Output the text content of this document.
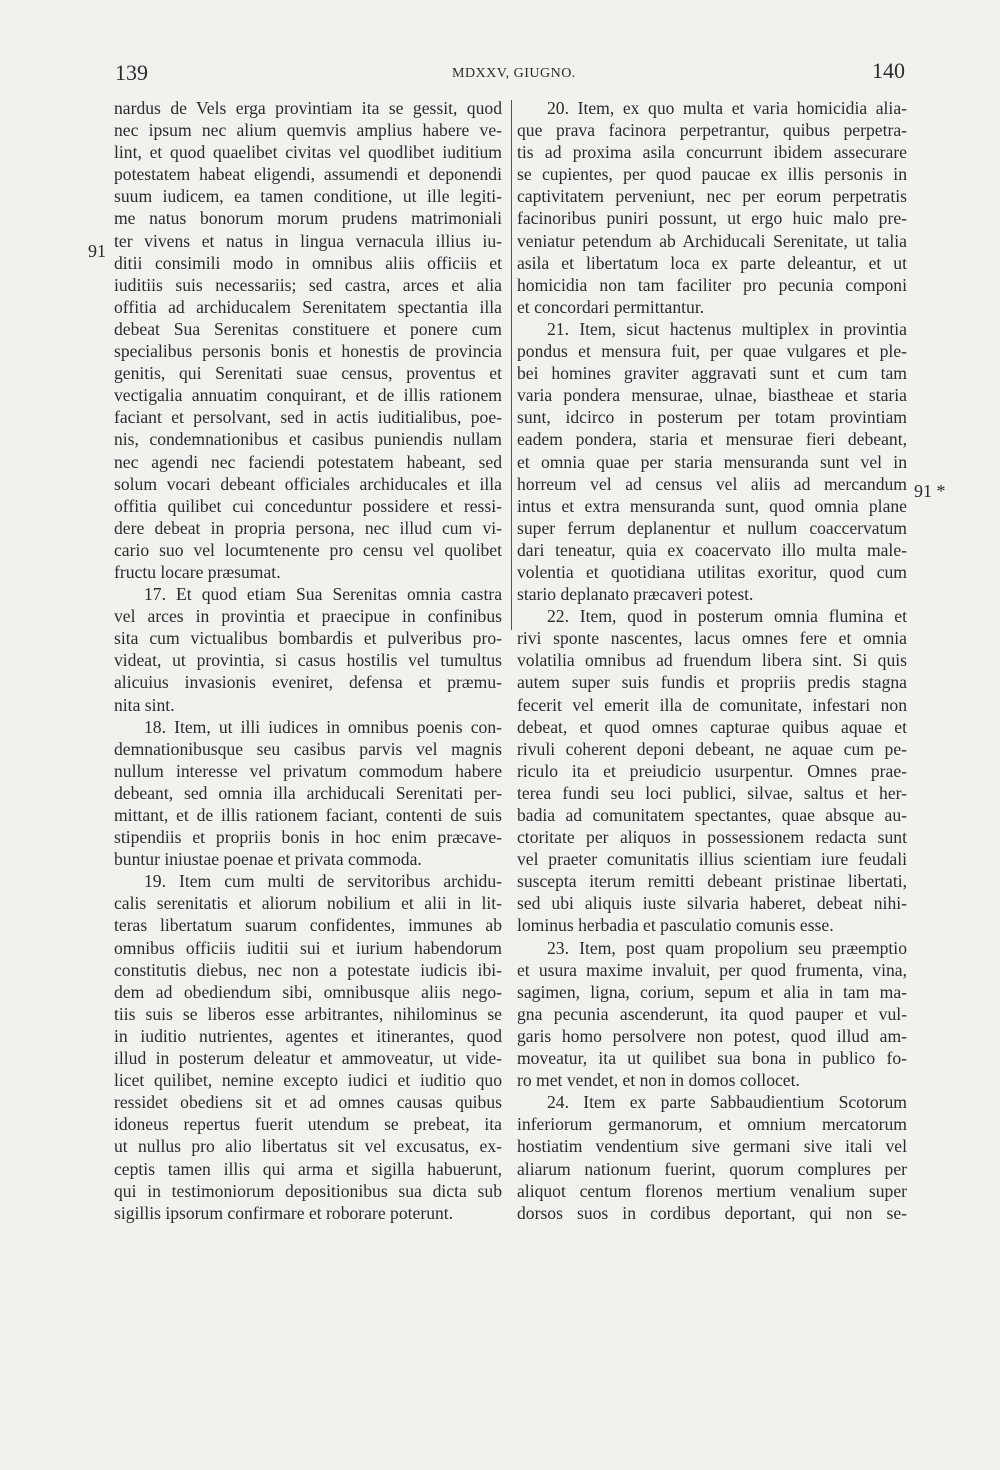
139	MDXXV, GIUGNO.	140
91
91 *
nardus de Vels erga provintiam ita se gessit, quod
nec ipsum nec alium quemvis amplius habere ve-
lint, et quod quaelibet civitas vel quodlibet iuditium
potestatem habeat eligendi, assumendi et deponendi
suum iudicem, ea tamen conditione, ut ille legiti-
me natus bonorum morum prudens matrimoniali
ter vivens et natus in lingua vernacula illius iu-
ditii consimili modo in omnibus aliis officiis et
iuditiis suis necessariis; sed castra, arces et alia
offitia ad archiducalem Serenitatem spectantia illa
debeat Sua Serenitas constituere et ponere cum
specialibus personis bonis et honestis de provincia
genitis, qui Serenitati suae census, proventus et
vectigalia annuatim conquirant, et de illis rationem
faciant et persolvant, sed in actis iuditialibus, poe-
nis, condemnationibus et casibus puniendis nullam
nec agendi nec faciendi potestatem habeant, sed
solum vocari debeant officiales archiducales et illa
offitia quilibet cui conceduntur possidere et ressi-
dere debeat in propria persona, nec illud cum vi-
cario suo vel locumtenente pro censu vel quolibet
fructu locare præsumat.
17. Et quod etiam Sua Serenitas omnia castra
vel arces in provintia et praecipue in confinibus
sita cum victualibus bombardis et pulveribus pro-
videat, ut provintia, si casus hostilis vel tumultus
alicuius invasionis eveniret, defensa et præmu-
nita sint.
18. Item, ut illi iudices in omnibus poenis con-
demnationibusque seu casibus parvis vel magnis
nullum interesse vel privatum commodum habere
debeant, sed omnia illa archiducali Serenitati per-
mittant, et de illis rationem faciant, contenti de suis
stipendiis et propriis bonis in hoc enim præcave-
buntur iniustae poenae et privata commoda.
19. Item cum multi de servitoribus archidu-
calis serenitatis et aliorum nobilium et alii in lit-
teras libertatum suarum confidentes, immunes ab
omnibus officiis iuditii sui et iurium habendorum
constitutis diebus, nec non a potestate iudicis ibi-
dem ad obediendum sibi, omnibusque aliis nego-
tiis suis se liberos esse arbitrantes, nihilominus se
in iuditio nutrientes, agentes et itinerantes, quod
illud in posterum deleatur et ammoveatur, ut vide-
licet quilibet, nemine excepto iudici et iuditio quo
ressidet obediens sit et ad omnes causas quibus
idoneus repertus fuerit utendum se prebeat, ita
ut nullus pro alio libertatus sit vel excusatus, ex-
ceptis tamen illis qui arma et sigilla habuerunt,
qui in testimoniorum depositionibus sua dicta sub
sigillis ipsorum confirmare et roborare poterunt.
20. Item, ex quo multa et varia homicidia alia-
que prava facinora perpetrantur, quibus perpetra-
tis ad proxima asila concurrunt ibidem assecurare
se cupientes, per quod paucae ex illis personis in
captivitatem perveniunt, nec per eorum perpetratis
facinoribus puniri possunt, ut ergo huic malo pre-
veniatur petendum ab Archiducali Serenitate, ut talia
asila et libertatum loca ex parte deleantur, et ut
homicidia non tam faciliter pro pecunia componi
et concordari permittantur.
21. Item, sicut hactenus multiplex in provintia
pondus et mensura fuit, per quae vulgares et ple-
bei homines graviter aggravati sunt et cum tam
varia pondera mensurae, ulnae, biastheae et staria
sunt, idcirco in posterum per totam provintiam
eadem pondera, staria et mensurae fieri debeant,
et omnia quae per staria mensuranda sunt vel in
horreum vel ad census vel aliis ad mercandum
intus et extra mensuranda sunt, quod omnia plane
super ferrum deplanentur et nullum coaccervatum
dari teneatur, quia ex coacervato illo multa male-
volentia et quotidiana utilitas exoritur, quod cum
stario deplanato præcaveri potest.
22. Item, quod in posterum omnia flumina et
rivi sponte nascentes, lacus omnes fere et omnia
volatilia omnibus ad fruendum libera sint. Si quis
autem super suis fundis et propriis predis stagna
fecerit vel emerit illa de comunitate, infestari non
debeat, et quod omnes capturae quibus aquae et
rivuli coherent deponi debeant, ne aquae cum pe-
riculo ita et preiudicio usurpentur. Omnes prae-
terea fundi seu loci publici, silvae, saltus et her-
badia ad comunitatem spectantes, quae absque au-
ctoritate per aliquos in possessionem redacta sunt
vel praeter comunitatis illius scientiam iure feudali
suscepta iterum remitti debeant pristinae libertati,
sed ubi aliquis iuste silvaria haberet, debeat nihi-
lominus herbadia et pasculatio comunis esse.
23. Item, post quam propolium seu præemptio
et usura maxime invaluit, per quod frumenta, vina,
sagimen, ligna, corium, sepum et alia in tam ma-
gna pecunia ascenderunt, ita quod pauper et vul-
garis homo persolvere non potest, quod illud am-
moveatur, ita ut quilibet sua bona in publico fo-
ro met vendet, et non in domos collocet.
24. Item ex parte Sabbaudientium Scotorum
inferiorum germanorum, et omnium mercatorum
hostiatim vendentium sive germani sive itali vel
aliarum nationum fuerint, quorum complures per
aliquot centum florenos mertium venalium super
dorsos suos in cordibus deportant, qui non se-
